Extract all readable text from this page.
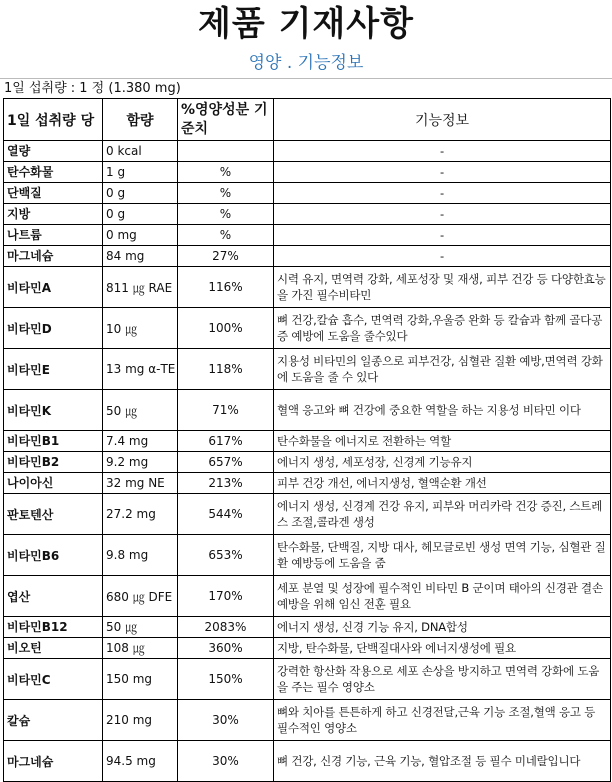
제품 기재사항
영양 . 기능정보
1일 섭취량 : 1 정 (1.380 mg)
1일 섭취량 당	함량	%영양성분 기준치	기능정보
열량	0 kcal		-
탄수화물	1 g	%	-
단백질	0 g	%	-
지방	0 g	%	-
나트륨	0 mg	%	-
마그네슘	84 mg	27%	-
비타민A	811 ㎍ RAE	116%	시력 유지, 면역력 강화, 세포성장 및 재생, 피부 건강 등 다양한효능을 가진 필수비타민
비타민D	10 ㎍	100%	뼈 건강,칼슘 흡수, 면역력 강화,우울증 완화 등 칼슘과 함께 골다공증 예방에 도움을 줄수있다
비타민E	13 mg α-TE	118%	지용성 비타민의 일종으로 피부건강, 심혈관 질환 예방,면역력 강화에 도움을 줄 수 있다
비타민K	50 ㎍	71%	혈액 응고와 뼈 건강에 중요한 역할을 하는 지용성 비타민 이다
비타민B1	7.4 mg	617%	탄수화물을 에너지로 전환하는 역할
비타민B2	9.2 mg	657%	에너지 생성, 세포성장, 신경계 기능유지
나이아신	32 mg NE	213%	피부 건강 개선, 에너지생성, 혈액순환 개선
판토텐산	27.2 mg	544%	에너지 생성, 신경계 건강 유지, 피부와 머리카락 건강 증진, 스트레스 조절,콜라겐 생성
비타민B6	9.8 mg	653%	탄수화물, 단백질, 지방 대사, 헤모글로빈 생성 면역 기능, 심혈관 질환 예방등에 도움을 줌
엽산	680 ㎍ DFE	170%	세포 분열 및 성장에 필수적인 비타민 B 군이며 태아의 신경관 결손 예방을 위해 임신 전훈 필요
비타민B12	50 ㎍	2083%	에너지 생성, 신경 기능 유지, DNA합성
비오틴	108 ㎍	360%	지방, 탄수화물, 단백질대사와 에너지생성에 필요
비타민C	150 mg	150%	강력한 항산화 작용으로 세포 손상을 방지하고 면역력 강화에 도움을 주는 필수 영양소
칼슘	210 mg	30%	뼈와 치아를 튼튼하게 하고 신경전달,근육 기능 조절,혈액 응고 등 필수적인 영양소
마그네슘	94.5 mg	30%	뼈 건강, 신경 기능, 근육 기능, 혈압조절 등 필수 미네랄입니다
